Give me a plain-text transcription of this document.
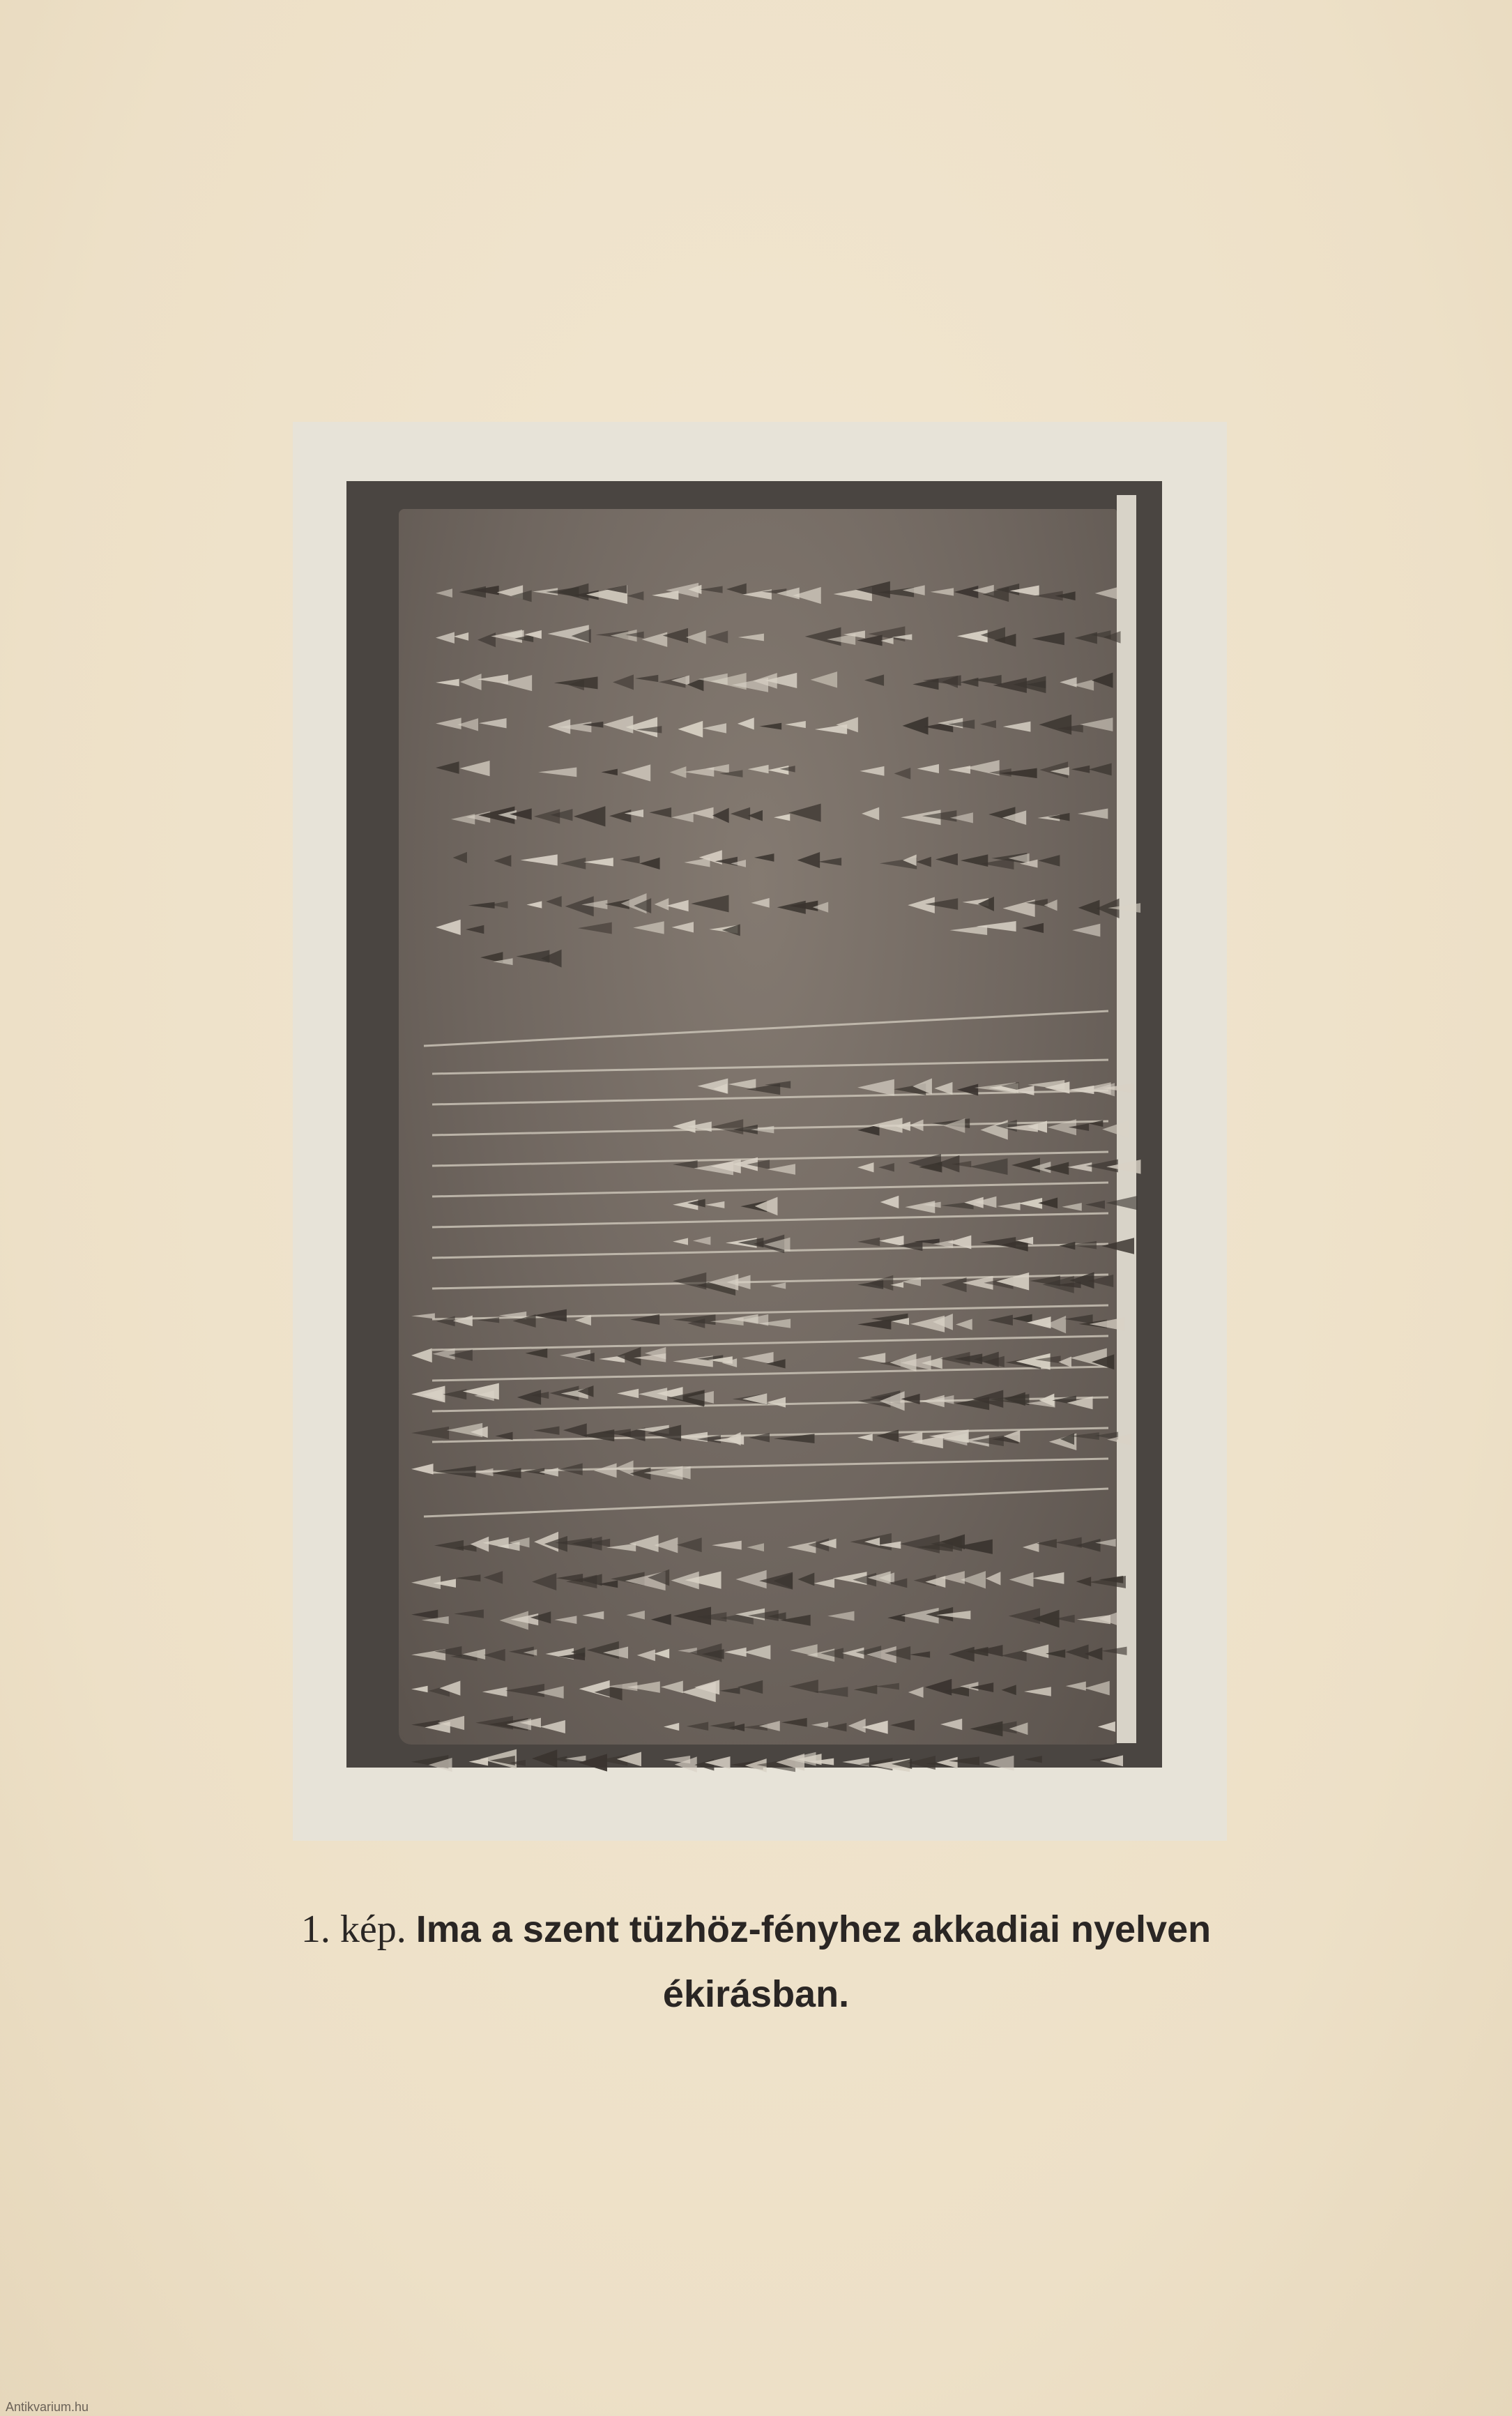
1. kép. Ima a szent tüzhöz-fényhez akkadiai nyelven
ékirásban.
Antikvarium.hu
